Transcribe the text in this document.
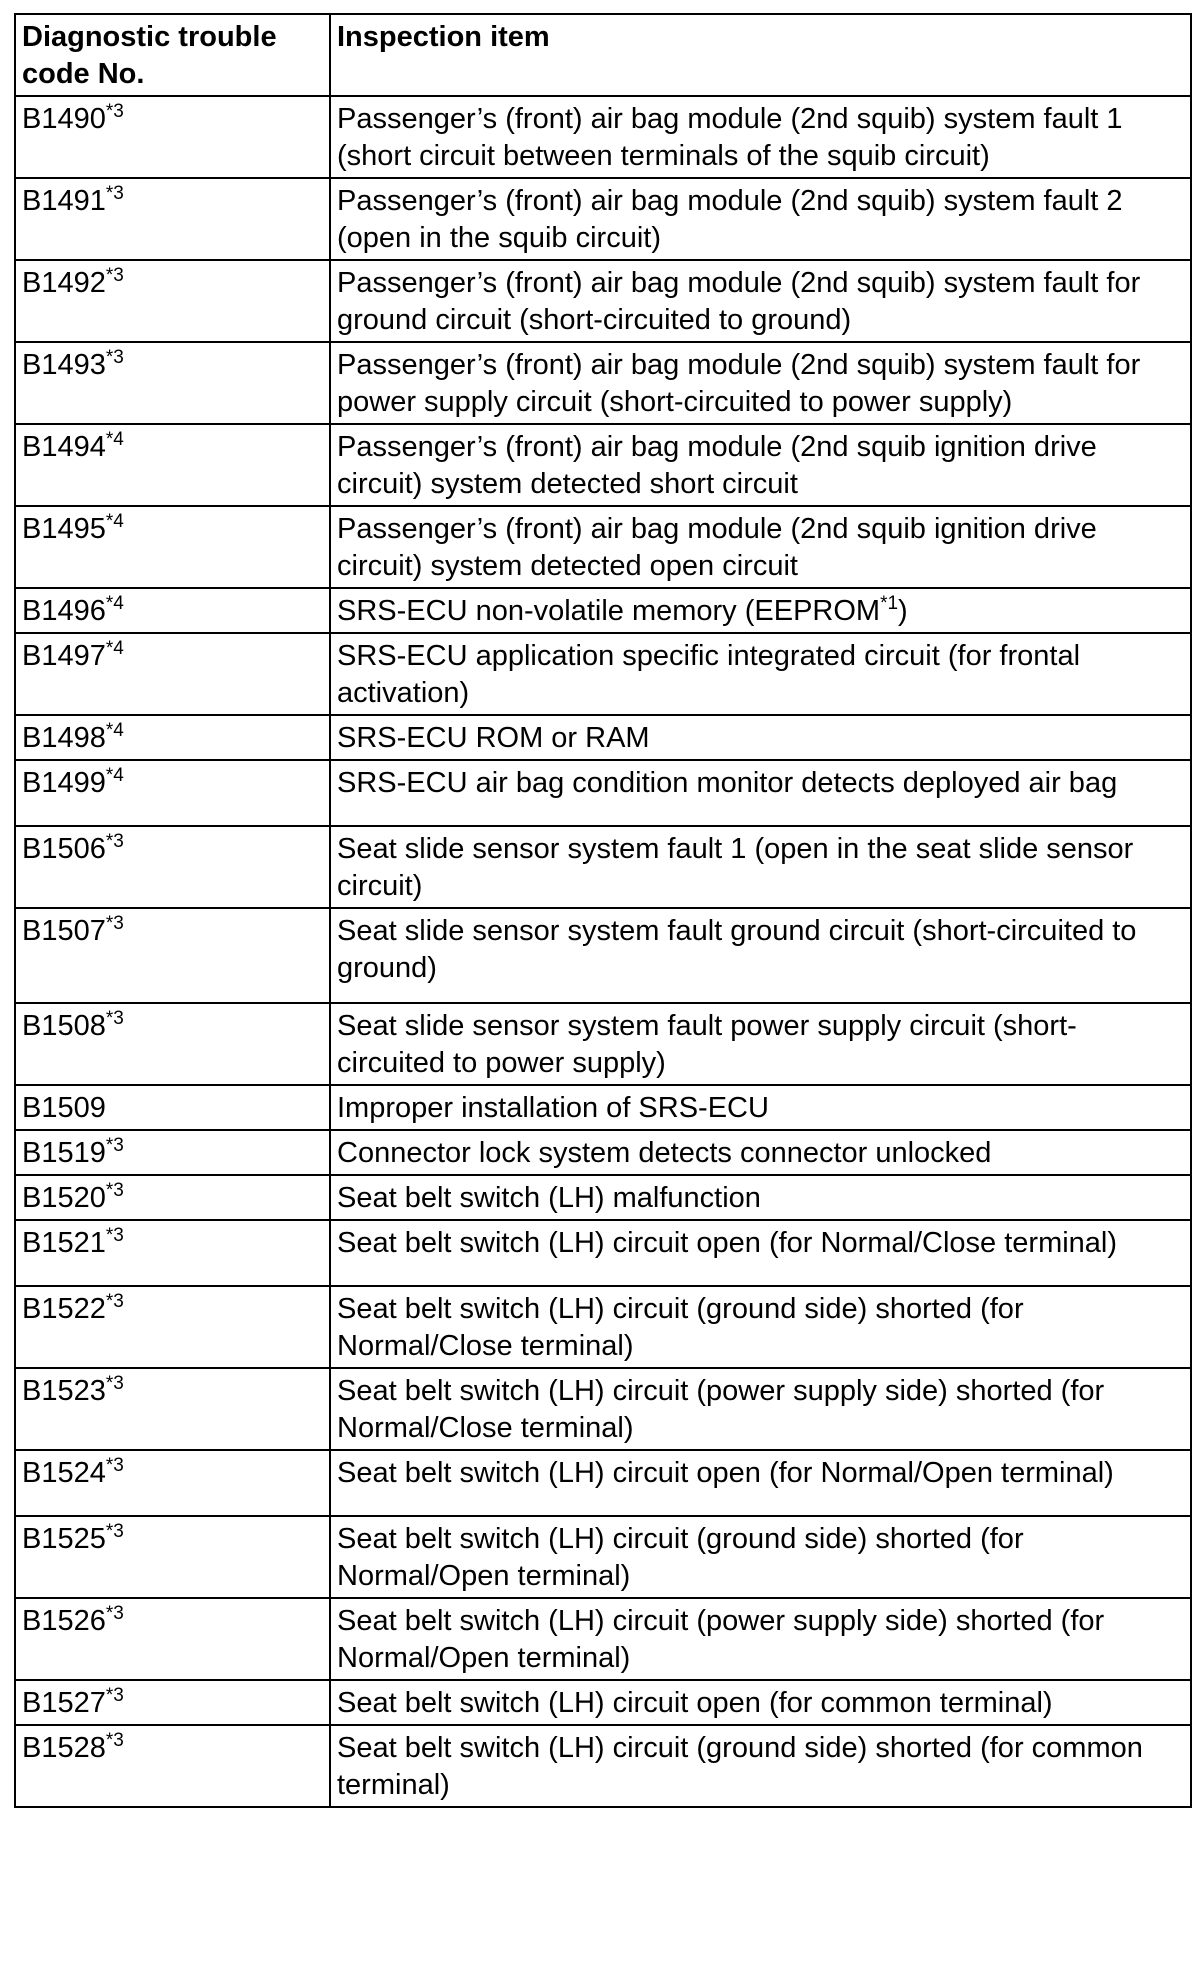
Diagnostic trouble code No.	Inspection item
B1490$^{*3}$	Passenger’s (front) air bag module (2nd squib) system fault 1 (short circuit between terminals of the squib circuit)
B1491$^{*3}$	Passenger’s (front) air bag module (2nd squib) system fault 2 (open in the squib circuit)
B1492$^{*3}$	Passenger’s (front) air bag module (2nd squib) system fault for ground circuit (short-circuited to ground)
B1493$^{*3}$	Passenger’s (front) air bag module (2nd squib) system fault for power supply circuit (short-circuited to power supply)
B1494$^{*4}$	Passenger’s (front) air bag module (2nd squib ignition drive circuit) system detected short circuit
B1495$^{*4}$	Passenger’s (front) air bag module (2nd squib ignition drive circuit) system detected open circuit
B1496$^{*4}$	SRS-ECU non-volatile memory (EEPROM$^{*1}$)
B1497$^{*4}$	SRS-ECU application specific integrated circuit (for frontal activation)
B1498$^{*4}$	SRS-ECU ROM or RAM
B1499$^{*4}$	SRS-ECU air bag condition monitor detects deployed air bag
B1506$^{*3}$	Seat slide sensor system fault 1 (open in the seat slide sensor circuit)
B1507$^{*3}$	Seat slide sensor system fault ground circuit (short-circuited to ground)
B1508$^{*3}$	Seat slide sensor system fault power supply circuit (short-circuited to power supply)
B1509	Improper installation of SRS-ECU
B1519$^{*3}$	Connector lock system detects connector unlocked
B1520$^{*3}$	Seat belt switch (LH) malfunction
B1521$^{*3}$	Seat belt switch (LH) circuit open (for Normal/Close terminal)
B1522$^{*3}$	Seat belt switch (LH) circuit (ground side) shorted (for Normal/Close terminal)
B1523$^{*3}$	Seat belt switch (LH) circuit (power supply side) shorted (for Normal/Close terminal)
B1524$^{*3}$	Seat belt switch (LH) circuit open (for Normal/Open terminal)
B1525$^{*3}$	Seat belt switch (LH) circuit (ground side) shorted (for Normal/Open terminal)
B1526$^{*3}$	Seat belt switch (LH) circuit (power supply side) shorted (for Normal/Open terminal)
B1527$^{*3}$	Seat belt switch (LH) circuit open (for common terminal)
B1528$^{*3}$	Seat belt switch (LH) circuit (ground side) shorted (for common terminal)
